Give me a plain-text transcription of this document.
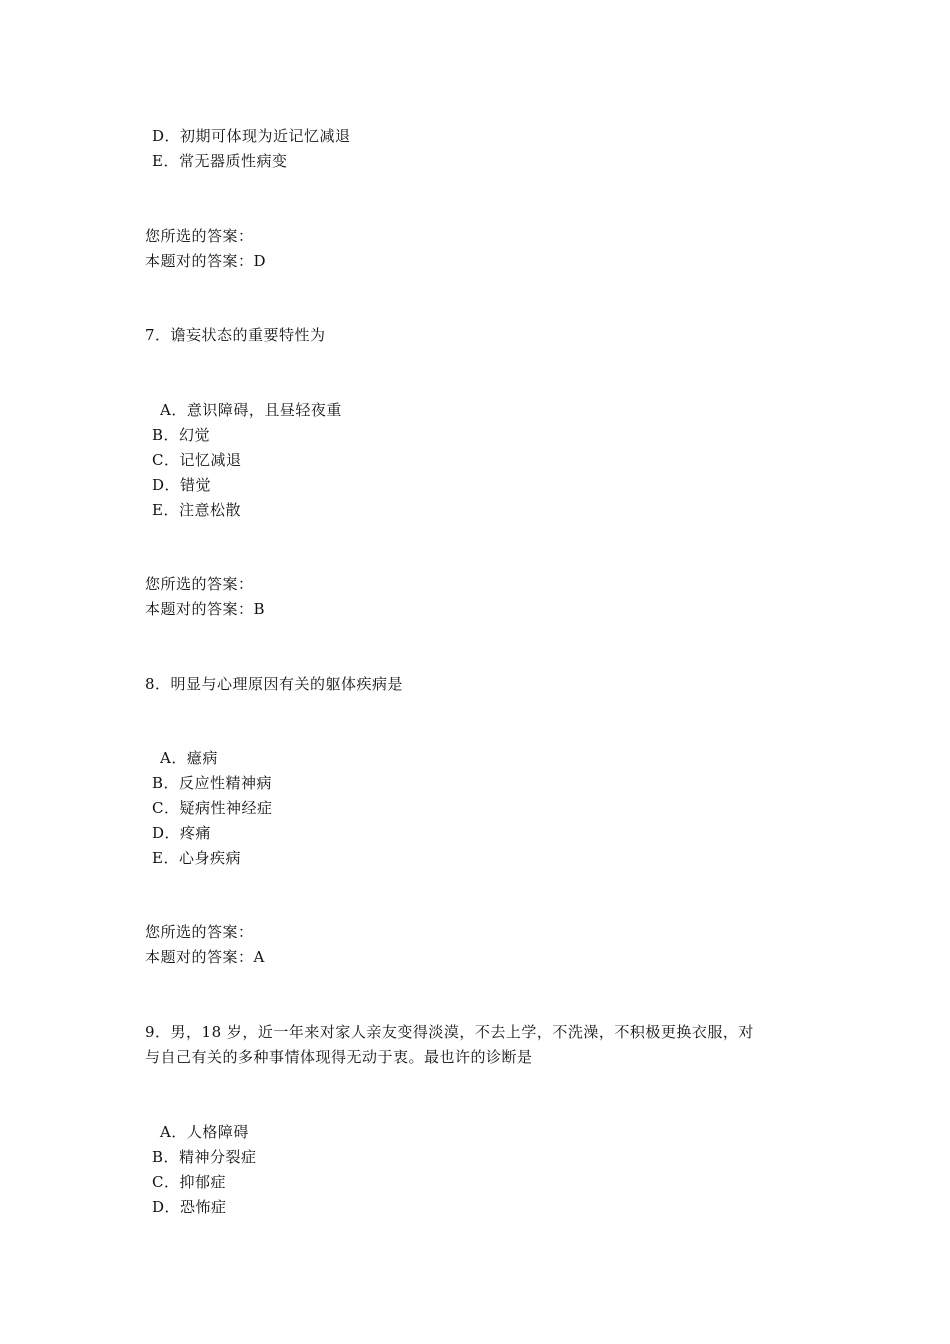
D．初期可体现为近记忆减退
E．常无器质性病变
您所选的答案：
本题对的答案：D
7．谵妄状态的重要特性为
A．意识障碍，且昼轻夜重
B．幻觉
C．记忆减退
D．错觉
E．注意松散
您所选的答案：
本题对的答案：B
8．明显与心理原因有关的躯体疾病是
A．癔病
B．反应性精神病
C．疑病性神经症
D．疼痛
E．心身疾病
您所选的答案：
本题对的答案：A
9．男，18 岁，近一年来对家人亲友变得淡漠，不去上学，不洗澡，不积极更换衣服，对
与自己有关的多种事情体现得无动于衷。最也许的诊断是
A．人格障碍
B．精神分裂症
C．抑郁症
D．恐怖症
